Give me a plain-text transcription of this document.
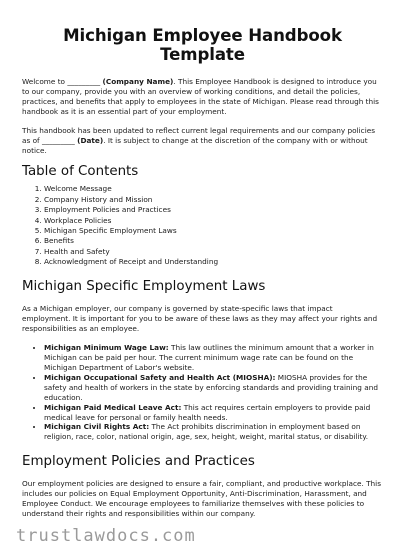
Michigan Employee Handbook Template

Welcome to _________ (Company Name). This Employee Handbook is designed to introduce you to our company, provide you with an overview of working conditions, and detail the policies, practices, and benefits that apply to employees in the state of Michigan. Please read through this handbook as it is an essential part of your employment.

This handbook has been updated to reflect current legal requirements and our company policies as of _________ (Date). It is subject to change at the discretion of the company with or without notice.

Table of Contents
1. Welcome Message
2. Company History and Mission
3. Employment Policies and Practices
4. Workplace Policies
5. Michigan Specific Employment Laws
6. Benefits
7. Health and Safety
8. Acknowledgment of Receipt and Understanding
Michigan Specific Employment Laws

As a Michigan employer, our company is governed by state-specific laws that impact employment. It is important for you to be aware of these laws as they may affect your rights and responsibilities as an employee.

• Michigan Minimum Wage Law: This law outlines the minimum amount that a worker in Michigan can be paid per hour. The current minimum wage rate can be found on the Michigan Department of Labor's website.
• Michigan Occupational Safety and Health Act (MIOSHA): MIOSHA provides for the safety and health of workers in the state by enforcing standards and providing training and education.
• Michigan Paid Medical Leave Act: This act requires certain employers to provide paid medical leave for personal or family health needs.
• Michigan Civil Rights Act: The Act prohibits discrimination in employment based on religion, race, color, national origin, age, sex, height, weight, marital status, or disability.
Employment Policies and Practices

Our employment policies are designed to ensure a fair, compliant, and productive workplace. This includes our policies on Equal Employment Opportunity, Anti-Discrimination, Harassment, and Employee Conduct. We encourage employees to familiarize themselves with these policies to understand their rights and responsibilities within our company.

trustlawdocs.com
